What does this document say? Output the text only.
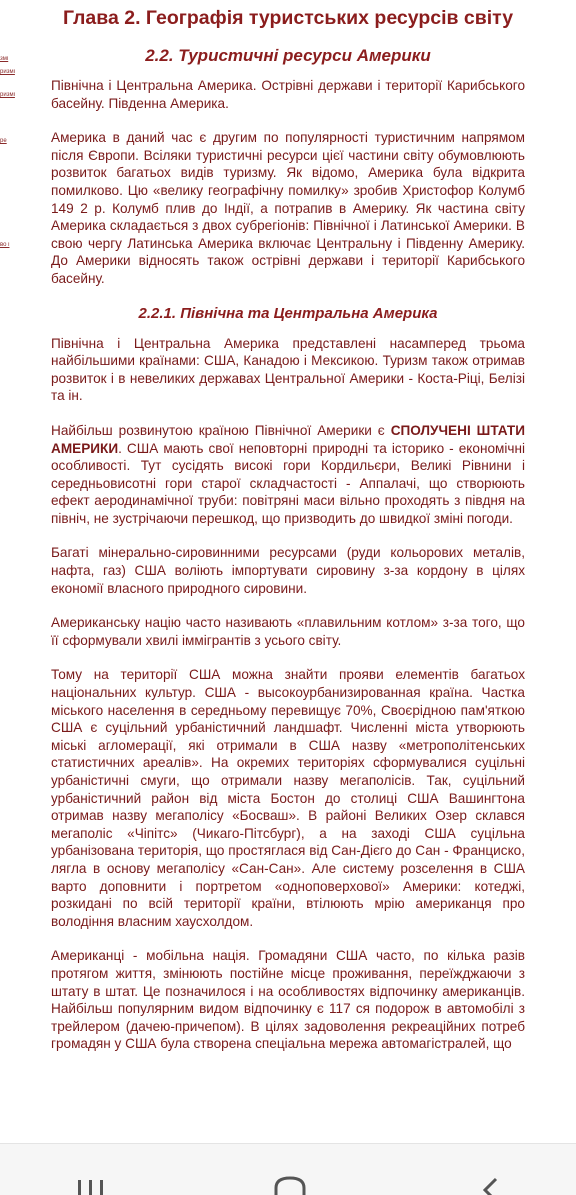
змі
ризмі
ризмі
ре
во і
Глава 2. Географія туристських ресурсів світу
2.2. Туристичні ресурси Америки

Північна і Центральна Америка. Острівні держави і території Карибського басейну. Південна Америка.

Америка в даний час є другим по популярності туристичним напрямом після Європи. Всіляки туристичні ресурси цієї частини світу обумовлюють розвиток багатьох видів туризму. Як відомо, Америка була відкрита помилково. Цю «велику географічну помилку» зробив Христофор Колумб 149 2 р. Колумб плив до Індії, а потрапив в Америку. Як частина світу Америка складається з двох субрегіонів: Північної і Латинської Америки. В свою чергу Латинська Америка включає Центральну і Південну Америку. До Америки відносять також острівні держави і території Карибського басейну.

2.2.1. Північна та Центральна Америка

Північна і Центральна Америка представлені насамперед трьома найбільшими країнами: США, Канадою і Мексикою. Туризм також отримав розвиток і в невеликих державах Центральної Америки - Коста-Ріці, Белізі та ін.

Найбільш розвинутою країною Північної Америки є СПОЛУЧЕНІ ШТАТИ АМЕРИКИ. США мають свої неповторні природні та історико - економічні особливості. Тут сусідять високі гори Кордильєри, Великі Рівнини і середньовисотні гори старої складчастості - Аппалачі, що створюють ефект аеродинамічної труби: повітряні маси вільно проходять з півдня на північ, не зустрічаючи перешкод, що призводить до швидкої зміні погоди.

Багаті мінерально-сировинними ресурсами (руди кольорових металів, нафта, газ) США воліють імпортувати сировину з-за кордону в цілях економії власного природного сировини.

Американську націю часто називають «плавильним котлом» з-за того, що її сформували хвилі іммігрантів з усього світу.

Тому на території США можна знайти прояви елементів багатьох національних культур. США - высокоурбанизированная країна. Частка міського населення в середньому перевищує 70%, Своєрідною пам'яткою США є суцільний урбаністичний ландшафт. Численні міста утворюють міські агломерації, які отримали в США назву «метрополітенських статистичних ареалів». На окремих територіях сформувалися суцільні урбаністичні смуги, що отримали назву мегаполісів. Так, суцільний урбаністичний район від міста Бостон до столиці США Вашингтона отримав назву мегаполісу «Босваш». В районі Великих Озер склався мегаполіс «Чіпітс» (Чикаго-Пітсбург), а на заході США суцільна урбанізована територія, що простяглася від Сан-Дієго до Сан - Франциско, лягла в основу мегаполісу «Сан-Сан». Але систему розселення в США варто доповнити і портретом «одноповерхової» Америки: котеджі, розкидані по всій території країни, втілюють мрію американця про володіння власним хаусхолдом.

Американці - мобільна нація. Громадяни США часто, по кілька разів протягом життя, змінюють постійне місце проживання, переїжджаючи з штату в штат. Це позначилося і на особливостях відпочинку американців. Найбільш популярним видом відпочинку є 117 ся подорож в автомобілі з трейлером (дачею-причепом). В цілях задоволення рекреаційних потреб громадян у США була створена спеціальна мережа автомагістралей, що
